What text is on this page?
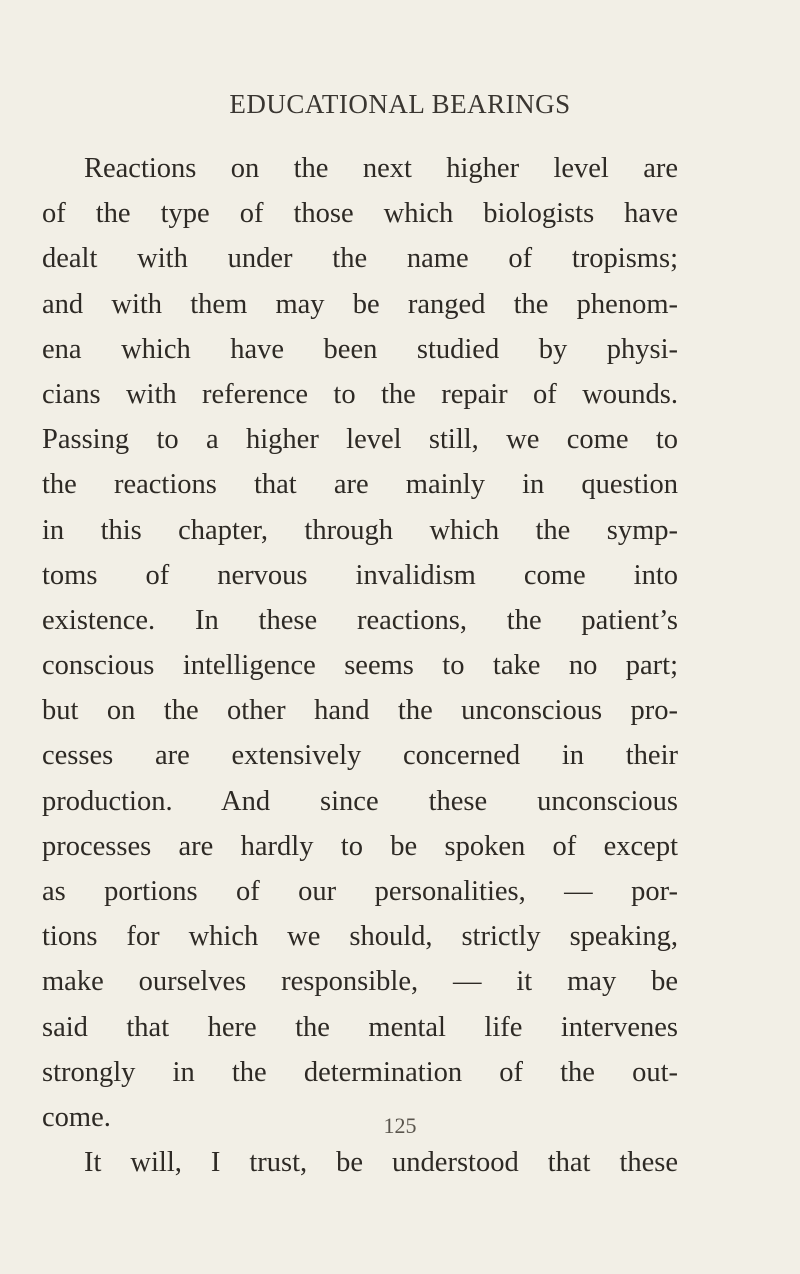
EDUCATIONAL BEARINGS
Reactions on the next higher level are
of the type of those which biologists have
dealt with under the name of tropisms;
and with them may be ranged the phenom-
ena which have been studied by physi-
cians with reference to the repair of wounds.
Passing to a higher level still, we come to
the reactions that are mainly in question
in this chapter, through which the symp-
toms of nervous invalidism come into
existence. In these reactions, the patient’s
conscious intelligence seems to take no part;
but on the other hand the unconscious pro-
cesses are extensively concerned in their
production. And since these unconscious
processes are hardly to be spoken of except
as portions of our personalities, — por-
tions for which we should, strictly speaking,
make ourselves responsible, — it may be
said that here the mental life intervenes
strongly in the determination of the out-
come.
It will, I trust, be understood that these
125
